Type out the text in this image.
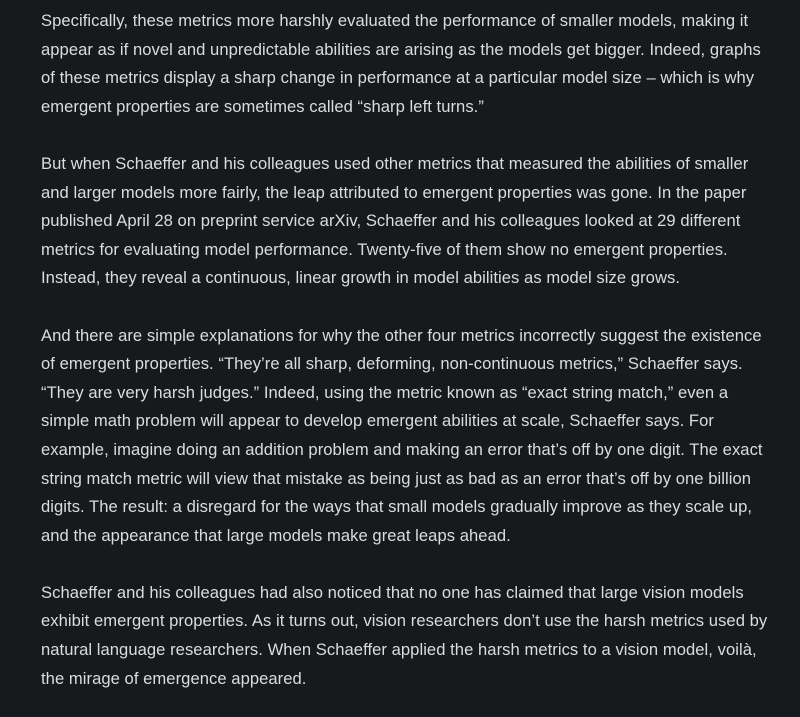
Specifically, these metrics more harshly evaluated the performance of smaller models, making it appear as if novel and unpredictable abilities are arising as the models get bigger. Indeed, graphs of these metrics display a sharp change in performance at a particular model size – which is why emergent properties are sometimes called “sharp left turns.”

But when Schaeffer and his colleagues used other metrics that measured the abilities of smaller and larger models more fairly, the leap attributed to emergent properties was gone. In the paper published April 28 on preprint service arXiv, Schaeffer and his colleagues looked at 29 different metrics for evaluating model performance. Twenty-five of them show no emergent properties. Instead, they reveal a continuous, linear growth in model abilities as model size grows.

And there are simple explanations for why the other four metrics incorrectly suggest the existence of emergent properties. “They’re all sharp, deforming, non-continuous metrics,” Schaeffer says. “They are very harsh judges.” Indeed, using the metric known as “exact string match,” even a simple math problem will appear to develop emergent abilities at scale, Schaeffer says. For example, imagine doing an addition problem and making an error that’s off by one digit. The exact string match metric will view that mistake as being just as bad as an error that’s off by one billion digits. The result: a disregard for the ways that small models gradually improve as they scale up, and the appearance that large models make great leaps ahead.

Schaeffer and his colleagues had also noticed that no one has claimed that large vision models exhibit emergent properties. As it turns out, vision researchers don’t use the harsh metrics used by natural language researchers. When Schaeffer applied the harsh metrics to a vision model, voilà, the mirage of emergence appeared.
